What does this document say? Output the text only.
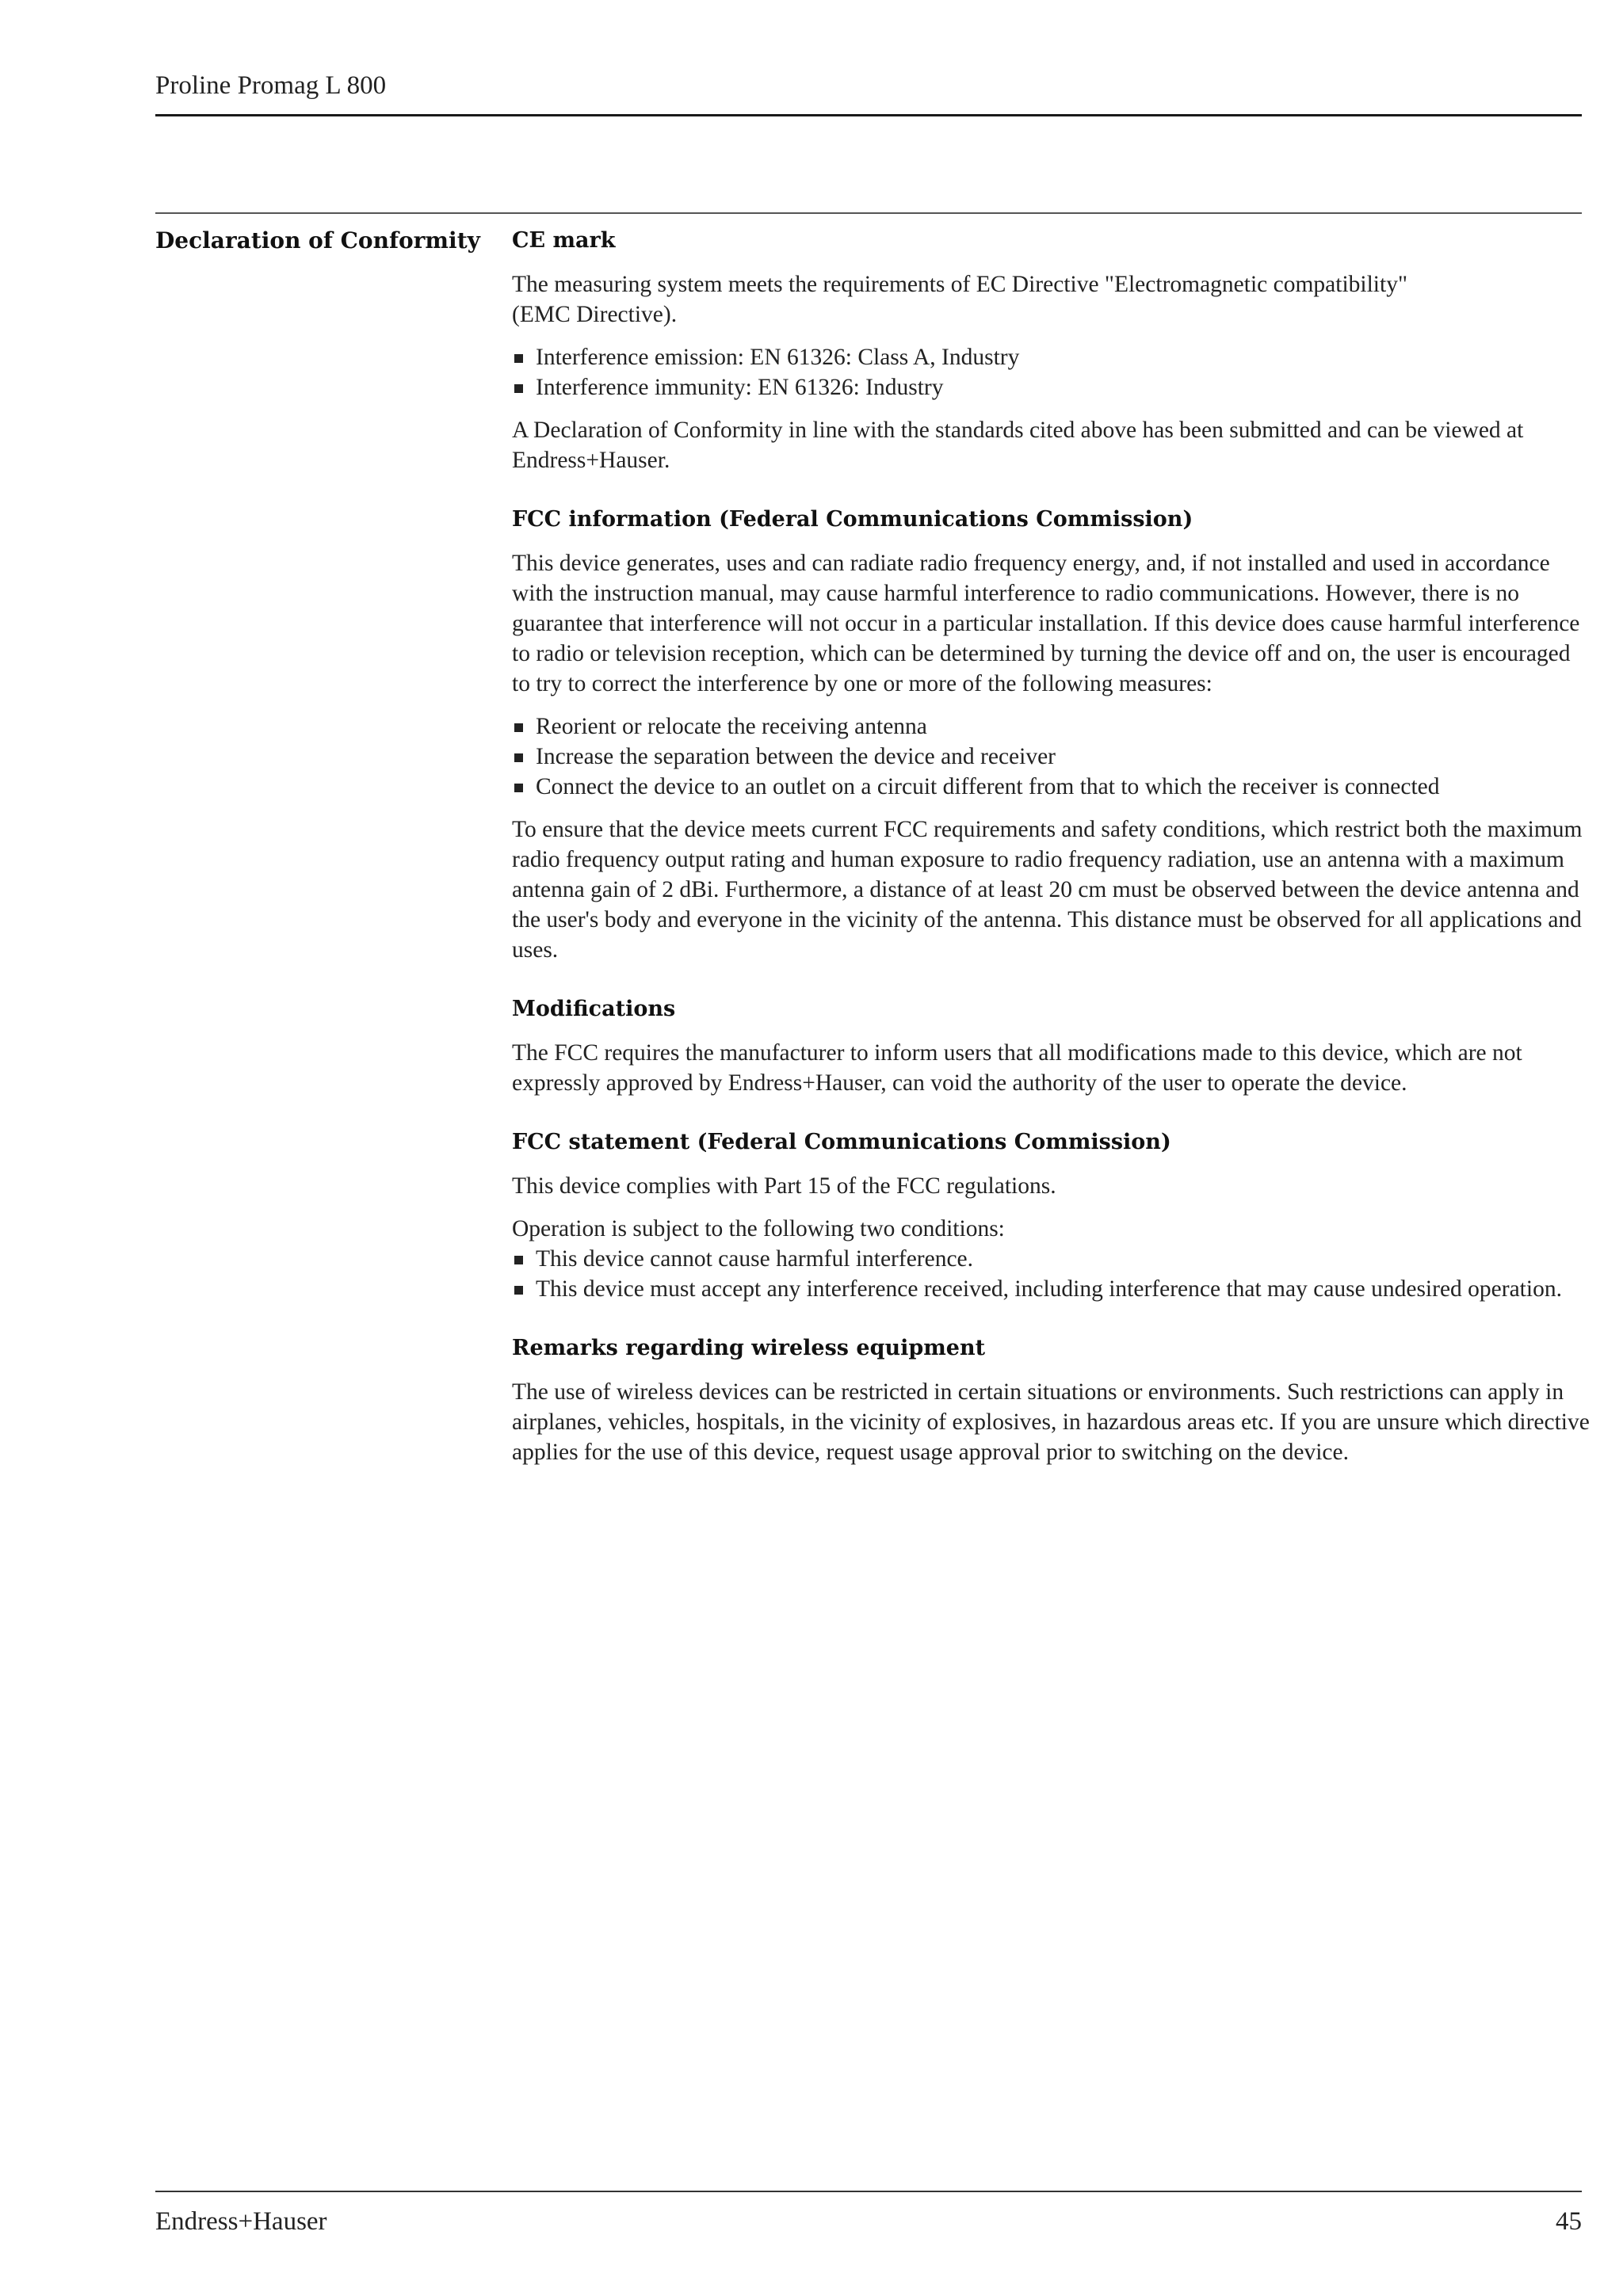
Proline Promag L 800
Declaration of Conformity CE mark

The measuring system meets the requirements of EC Directive "Electromagnetic compatibility"
(EMC Directive).

Interference emission: EN 61326: Class A, Industry
Interference immunity: EN 61326: Industry

A Declaration of Conformity in line with the standards cited above has been submitted and can be viewed at Endress+Hauser.

FCC information (Federal Communications Commission)

This device generates, uses and can radiate radio frequency energy, and, if not installed and used in accordance with the instruction manual, may cause harmful interference to radio communications. However, there is no guarantee that interference will not occur in a particular installation. If this device does cause harmful interference to radio or television reception, which can be determined by turning the device off and on, the user is encouraged to try to correct the interference by one or more of the following measures:

Reorient or relocate the receiving antenna
Increase the separation between the device and receiver
Connect the device to an outlet on a circuit different from that to which the receiver is connected

To ensure that the device meets current FCC requirements and safety conditions, which restrict both the maximum radio frequency output rating and human exposure to radio frequency radiation, use an antenna with a maximum antenna gain of 2 dBi. Furthermore, a distance of at least 20 cm must be observed between the device antenna and the user's body and everyone in the vicinity of the antenna. This distance must be observed for all applications and uses.

Modifications

The FCC requires the manufacturer to inform users that all modifications made to this device, which are not expressly approved by Endress+Hauser, can void the authority of the user to operate the device.

FCC statement (Federal Communications Commission)

This device complies with Part 15 of the FCC regulations.

Operation is subject to the following two conditions:

This device cannot cause harmful interference.
This device must accept any interference received, including interference that may cause undesired operation.
Remarks regarding wireless equipment

The use of wireless devices can be restricted in certain situations or environments. Such restrictions can apply in airplanes, vehicles, hospitals, in the vicinity of explosives, in hazardous areas etc. If you are unsure which directive applies for the use of this device, request usage approval prior to switching on the device.

Endress+Hauser	45
